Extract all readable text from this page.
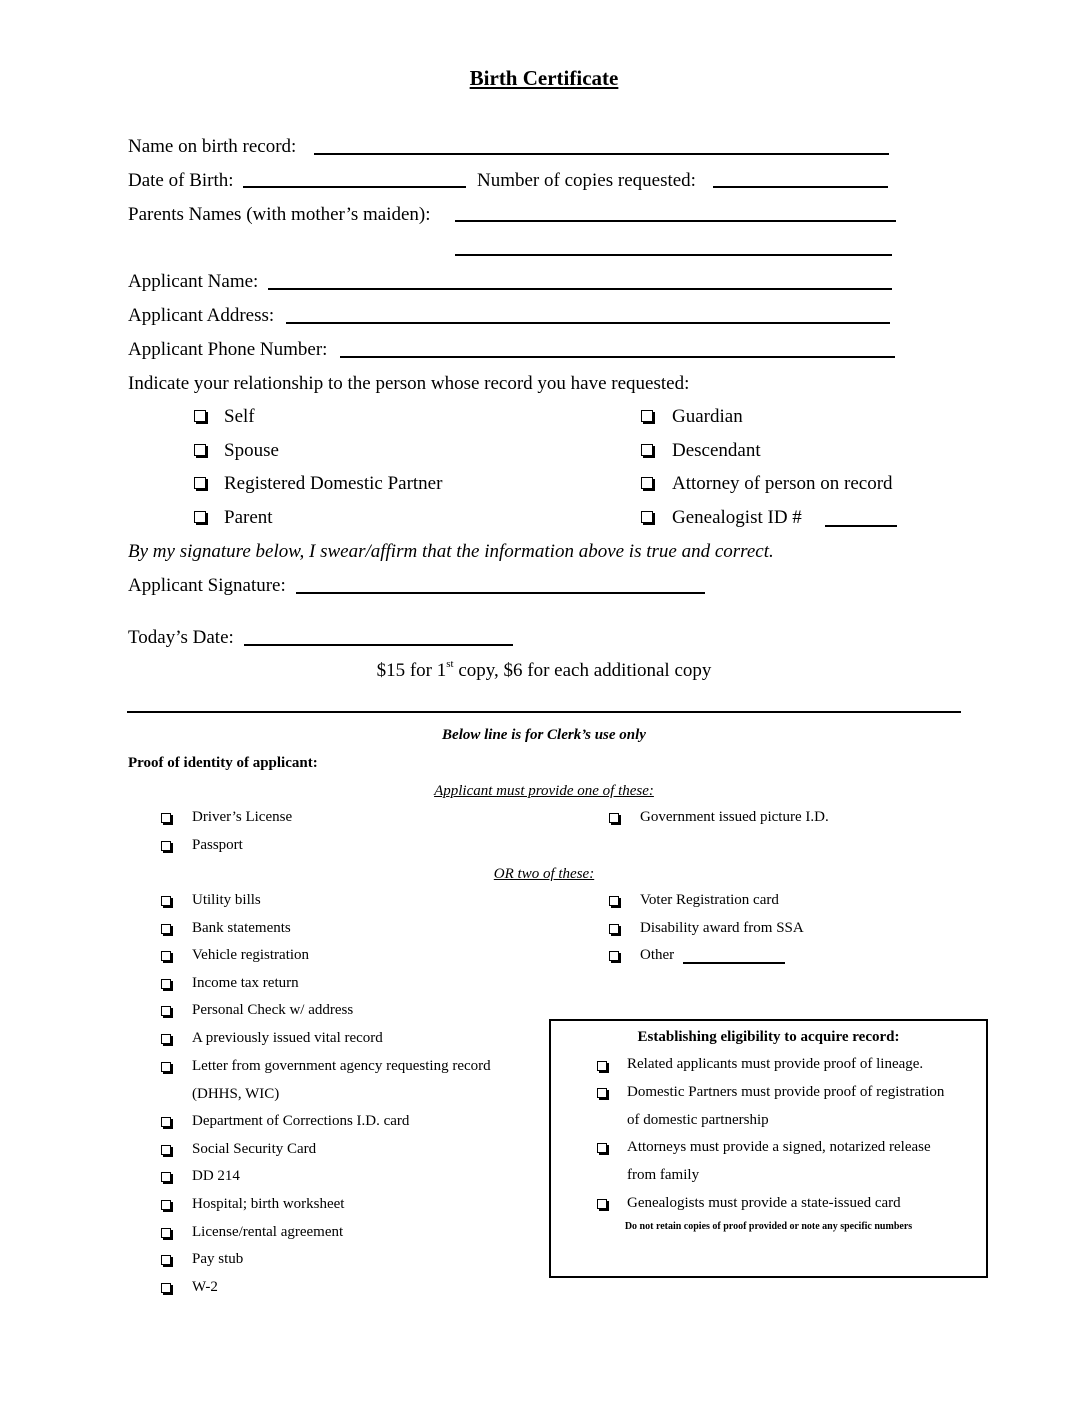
Birth Certificate
Name on birth record:
Date of Birth:	Number of copies requested:
Parents Names (with mother’s maiden):
Applicant Name:
Applicant Address:
Applicant Phone Number:
Indicate your relationship to the person whose record you have requested:
Self
Spouse
Registered Domestic Partner
Parent
Guardian
Descendant
Attorney of person on record
Genealogist ID #
By my signature below, I swear/affirm that the information above is true and correct.
Applicant Signature:
Today’s Date:
$15 for 1st copy, $6 for each additional copy
Below line is for Clerk’s use only
Proof of identity of applicant:
Applicant must provide one of these:
Driver’s License
Passport
Government issued picture I.D.
OR two of these:
Utility bills
Bank statements
Vehicle registration
Income tax return
Personal Check w/ address
A previously issued vital record
Letter from government agency requesting record
(DHHS, WIC)
Department of Corrections I.D. card
Social Security Card
DD 214
Hospital; birth worksheet
License/rental agreement
Pay stub
W-2
Voter Registration card
Disability award from SSA
Other
Establishing eligibility to acquire record:
Related applicants must provide proof of lineage.
Domestic Partners must provide proof of registration
of domestic partnership
Attorneys must provide a signed, notarized release
from family
Genealogists must provide a state-issued card
Do not retain copies of proof provided or note any specific numbers
